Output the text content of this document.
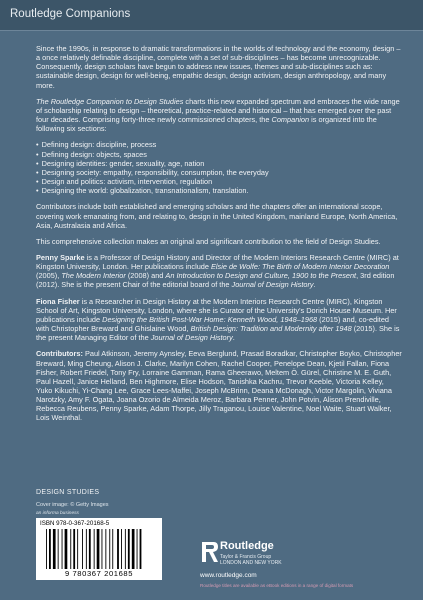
Routledge Companions

Since the 1990s, in response to dramatic transformations in the worlds of technology and the economy, design – a once relatively definable discipline, complete with a set of sub-disciplines – has become unrecognizable. Consequently, design scholars have begun to address new issues, themes and sub-disciplines such as: sustainable design, design for well-being, empathic design, design activism, design anthropology, and many more.

The Routledge Companion to Design Studies charts this new expanded spectrum and embraces the wide range of scholarship relating to design – theoretical, practice-related and historical – that has emerged over the past four decades. Comprising forty-three newly commissioned chapters, the Companion is organized into the following six sections:

• Defining design: discipline, process
• Defining design: objects, spaces
• Designing identities: gender, sexuality, age, nation
• Designing society: empathy, responsibility, consumption, the everyday
• Design and politics: activism, intervention, regulation
• Designing the world: globalization, transnationalism, translation.

Contributors include both established and emerging scholars and the chapters offer an international scope, covering work emanating from, and relating to, design in the United Kingdom, mainland Europe, North America, Asia, Australasia and Africa.

This comprehensive collection makes an original and significant contribution to the field of Design Studies.

Penny Sparke is a Professor of Design History and Director of the Modern Interiors Research Centre (MIRC) at Kingston University, London. Her publications include Elsie de Wolfe: The Birth of Modern Interior Decoration (2005), The Modern Interior (2008) and An Introduction to Design and Culture, 1900 to the Present, 3rd edition (2012). She is the present Chair of the editorial board of the Journal of Design History.

Fiona Fisher is a Researcher in Design History at the Modern Interiors Research Centre (MIRC), Kingston School of Art, Kingston University, London, where she is Curator of the University's Dorich House Museum. Her publications include Designing the British Post-War Home: Kenneth Wood, 1948–1968 (2015) and, co-edited with Christopher Breward and Ghislaine Wood, British Design: Tradition and Modernity after 1948 (2015). She is the present Managing Editor of the Journal of Design History.

Contributors: Paul Atkinson, Jeremy Aynsley, Eeva Berglund, Prasad Boradkar, Christopher Boyko, Christopher Breward, Ming Cheung, Alison J. Clarke, Marilyn Cohen, Rachel Cooper, Penelope Dean, Kjetil Fallan, Fiona Fisher, Robert Friedel, Tony Fry, Lorraine Gamman, Rama Gheerawo, Meltem Ö. Gürel, Christine M. E. Guth, Paul Hazell, Janice Helland, Ben Highmore, Elise Hodson, Tanishka Kachru, Trevor Keeble, Victoria Kelley, Yuko Kikuchi, Yi-Chang Lee, Grace Lees-Maffei, Joseph McBrinn, Deana McDonagh, Victor Margolin, Viviana Narotzky, Amy F. Ogata, Joana Ozorio de Almeida Meroz, Barbara Penner, John Potvin, Alison Prendiville, Rebecca Reubens, Penny Sparke, Adam Thorpe, Jilly Traganou, Louise Valentine, Noel Waite, Stuart Walker, Lois Weinthal.

DESIGN STUDIES
Cover image: © Getty Images
an informa business
ISBN 978-0-367-20168-5
9 780367 201685
Routledge
Taylor & Francis Group
LONDON AND NEW YORK
www.routledge.com
Routledge titles are available as eBook editions in a range of digital formats
